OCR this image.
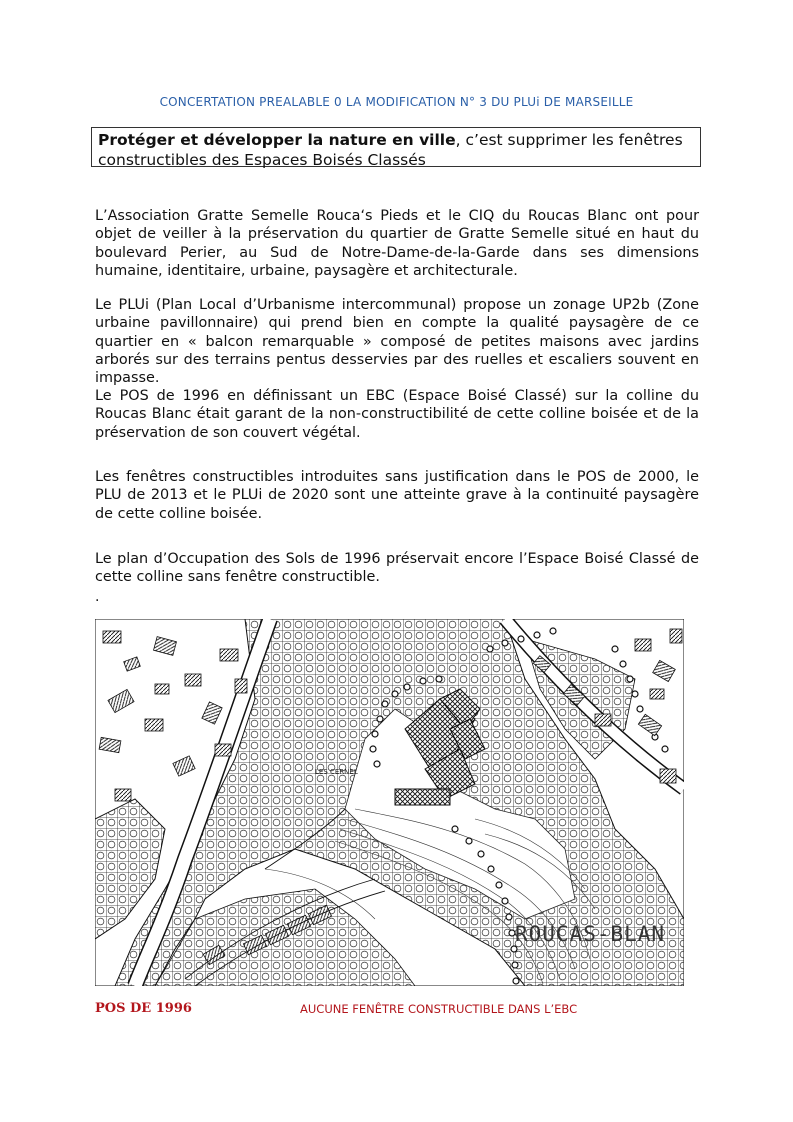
CONCERTATION PREALABLE 0 LA MODIFICATION N° 3 DU PLUi DE MARSEILLE
Protéger et développer la nature en ville, c’est supprimer les fenêtres constructibles des Espaces Boisés Classés

L’Association Gratte Semelle Rouca‘s Pieds et le CIQ du Roucas Blanc ont pour objet de veiller à la préservation du quartier de Gratte Semelle situé en haut du boulevard Perier, au Sud de Notre-Dame-de-la-Garde dans ses dimensions humaine, identitaire, urbaine, paysagère et architecturale.

Le PLUi (Plan Local d’Urbanisme intercommunal) propose un zonage UP2b (Zone urbaine pavillonnaire) qui prend bien en compte la qualité paysagère de ce quartier en « balcon remarquable » composé de petites maisons avec jardins arborés sur des terrains pentus desservies par des ruelles et escaliers souvent en impasse.

Le POS de 1996 en définissant un EBC (Espace Boisé Classé) sur la colline du Roucas Blanc était garant de la non-constructibilité de cette colline boisée et de la préservation de son couvert végétal.

Les fenêtres constructibles introduites sans justification dans le POS de 2000, le PLU de 2013 et le PLUi de 2020 sont une atteinte grave à la continuité paysagère de cette colline boisée.

Le plan d’Occupation des Sols de 1996 préservait encore l’Espace Boisé Classé de cette colline sans fenêtre constructible.

.
LES CERNEL
ROUCAS-BLAN
POS DE 1996	AUCUNE FENÊTRE CONSTRUCTIBLE DANS L’EBC
